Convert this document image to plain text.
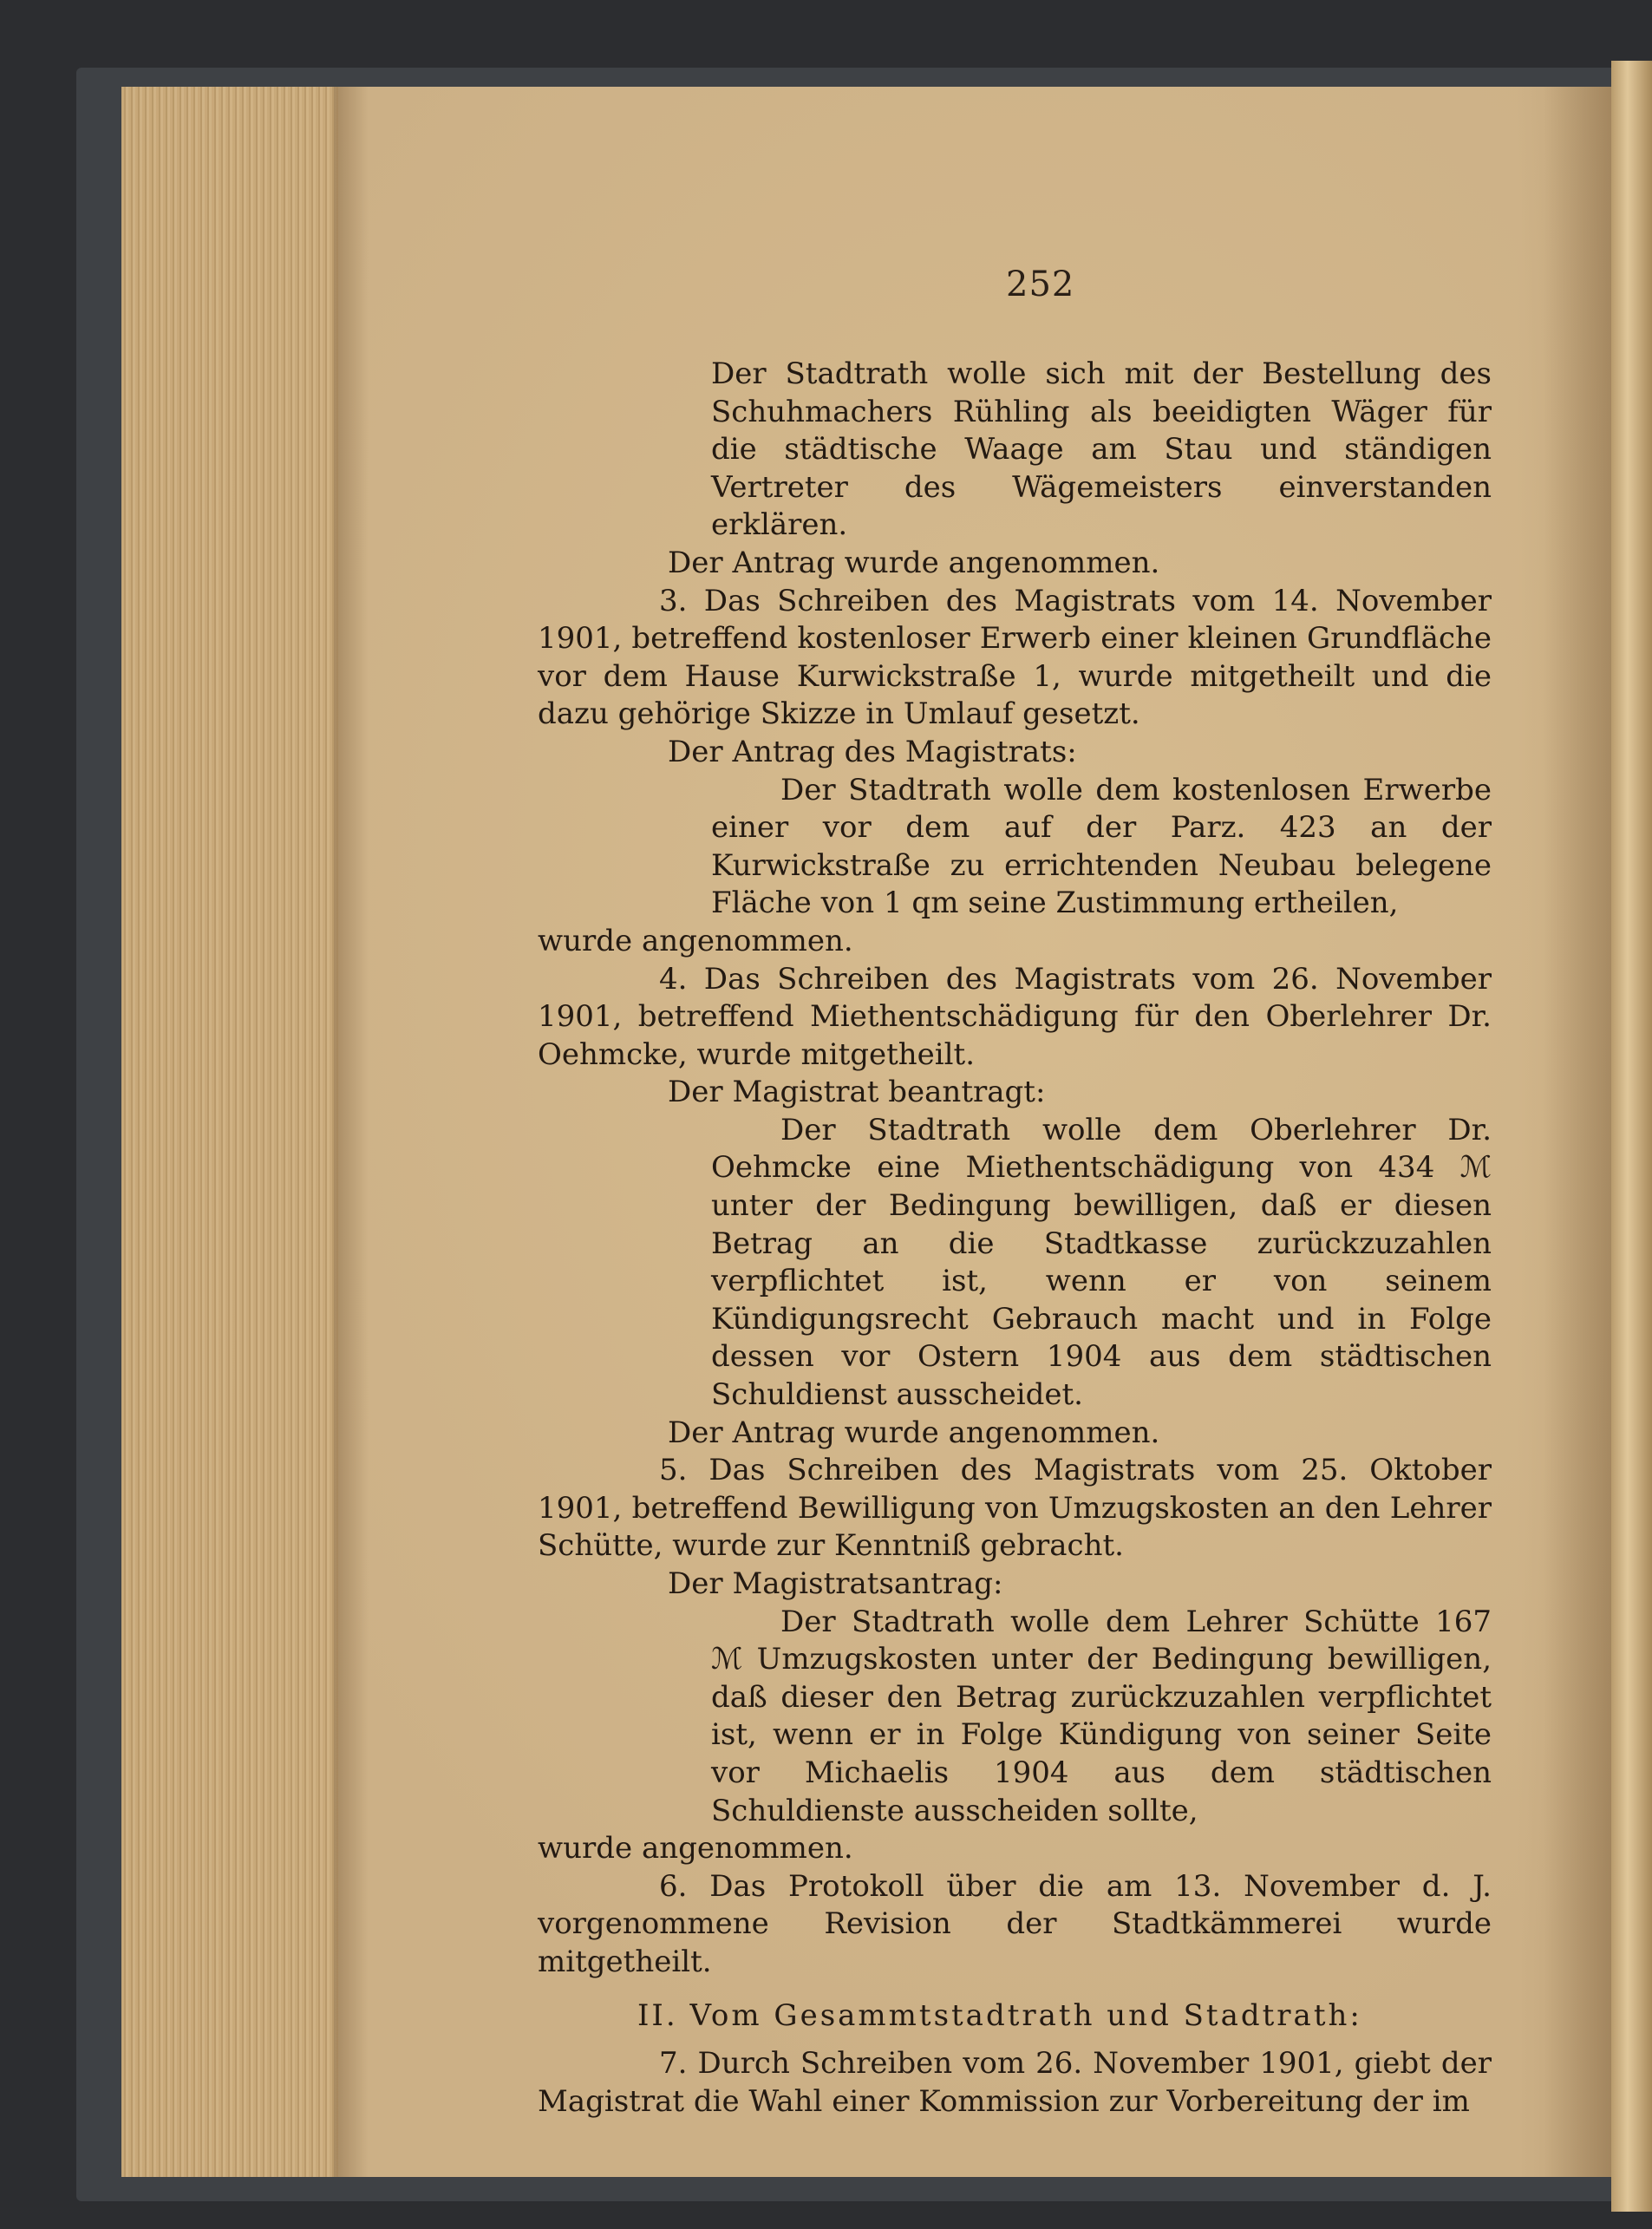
252

Der Stadtrath wolle sich mit der Bestellung des Schuhmachers Rühling als beeidigten Wäger für die städtische Waage am Stau und ständigen Vertreter des Wägemeisters einverstanden erklären.

Der Antrag wurde angenommen.

3. Das Schreiben des Magistrats vom 14. November 1901, betreffend kostenloser Erwerb einer kleinen Grundfläche vor dem Hause Kurwickstraße 1, wurde mitgetheilt und die dazu gehörige Skizze in Umlauf gesetzt.

Der Antrag des Magistrats:

Der Stadtrath wolle dem kostenlosen Erwerbe einer vor dem auf der Parz. 423 an der Kurwickstraße zu errichtenden Neubau belegene Fläche von 1 qm seine Zustimmung ertheilen,

wurde angenommen.

4. Das Schreiben des Magistrats vom 26. November 1901, betreffend Miethentschädigung für den Oberlehrer Dr. Oehmcke, wurde mitgetheilt.

Der Magistrat beantragt:

Der Stadtrath wolle dem Oberlehrer Dr. Oehmcke eine Miethentschädigung von 434 ℳ unter der Bedingung bewilligen, daß er diesen Betrag an die Stadtkasse zurückzuzahlen verpflichtet ist, wenn er von seinem Kündigungsrecht Gebrauch macht und in Folge dessen vor Ostern 1904 aus dem städtischen Schuldienst ausscheidet.

Der Antrag wurde angenommen.

5. Das Schreiben des Magistrats vom 25. Oktober 1901, betreffend Bewilligung von Umzugskosten an den Lehrer Schütte, wurde zur Kenntniß gebracht.

Der Magistratsantrag:

Der Stadtrath wolle dem Lehrer Schütte 167 ℳ Umzugskosten unter der Bedingung bewilligen, daß dieser den Betrag zurückzuzahlen verpflichtet ist, wenn er in Folge Kündigung von seiner Seite vor Michaelis 1904 aus dem städtischen Schuldienste ausscheiden sollte,

wurde angenommen.

6. Das Protokoll über die am 13. November d. J. vorgenommene Revision der Stadtkämmerei wurde mitgetheilt.

II. Vom Gesammtstadtrath und Stadtrath:

7. Durch Schreiben vom 26. November 1901, giebt der Magistrat die Wahl einer Kommission zur Vorbereitung der im
